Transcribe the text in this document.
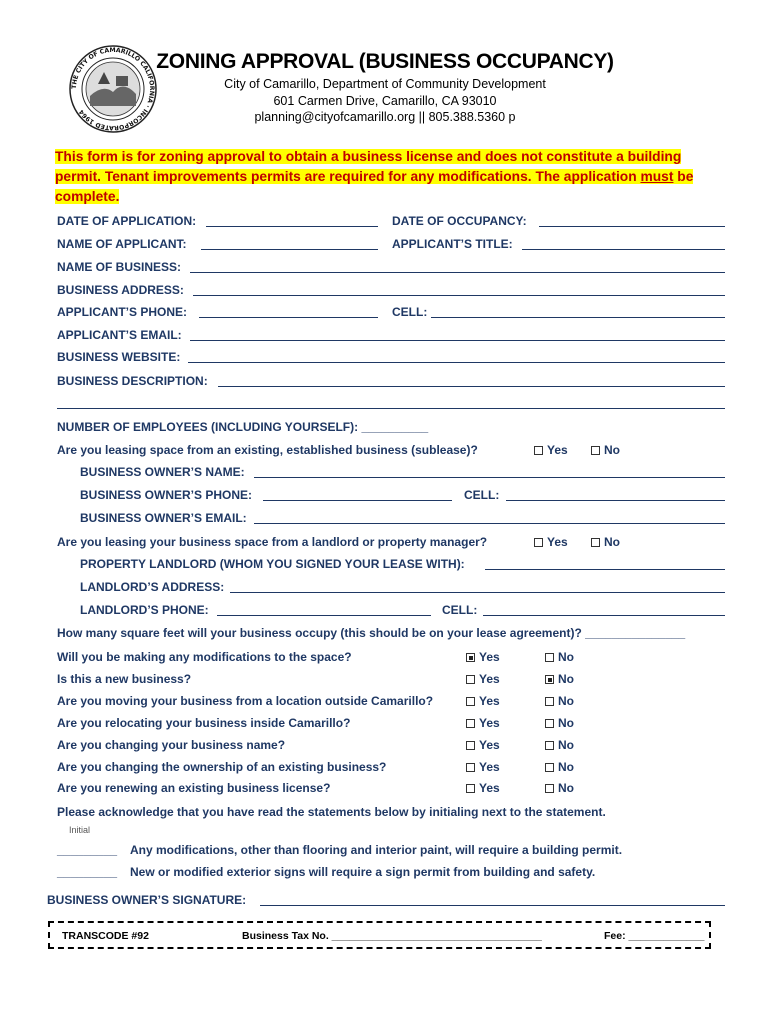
THE CITY OF CAMARILLO CALIFORNIA · INCORPORATED 1964
ZONING APPROVAL (BUSINESS OCCUPANCY)
City of Camarillo, Department of Community Development
601 Carmen Drive, Camarillo, CA 93010
planning@cityofcamarillo.org || 805.388.5360 p
This form is for zoning approval to obtain a business license and does not constitute a building permit. Tenant improvements permits are required for any modifications. The application must be complete.
DATE OF APPLICATION:	DATE OF OCCUPANCY:
NAME OF APPLICANT:	APPLICANT’S TITLE:
NAME OF BUSINESS:
BUSINESS ADDRESS:
APPLICANT’S PHONE:	CELL:
APPLICANT’S EMAIL:
BUSINESS WEBSITE:
BUSINESS DESCRIPTION:
NUMBER OF EMPLOYEES (INCLUDING YOURSELF): __________
Are you leasing space from an existing, established business (sublease)?	Yes	No
BUSINESS OWNER’S NAME:
BUSINESS OWNER’S PHONE:	CELL:
BUSINESS OWNER’S EMAIL:
Are you leasing your business space from a landlord or property manager?	Yes	No
PROPERTY LANDLORD (WHOM YOU SIGNED YOUR LEASE WITH):
LANDLORD’S ADDRESS:
LANDLORD’S PHONE:	CELL:
How many square feet will your business occupy (this should be on your lease agreement)? _______________
Will you be making any modifications to the space?	Yes	No
Is this a new business?	Yes	No
Are you moving your business from a location outside Camarillo?	Yes	No
Are you relocating your business inside Camarillo?	Yes	No
Are you changing your business name?	Yes	No
Are you changing the ownership of an existing business?	Yes	No
Are you renewing an existing business license?	Yes	No
Please acknowledge that you have read the statements below by initialing next to the statement.
Initial
_________ Any modifications, other than flooring and interior paint, will require a building permit.
_________ New or modified exterior signs will require a sign permit from building and safety.
BUSINESS OWNER’S SIGNATURE:
TRANSCODE #92	Business Tax No. ____________________________________	Fee: _____________
